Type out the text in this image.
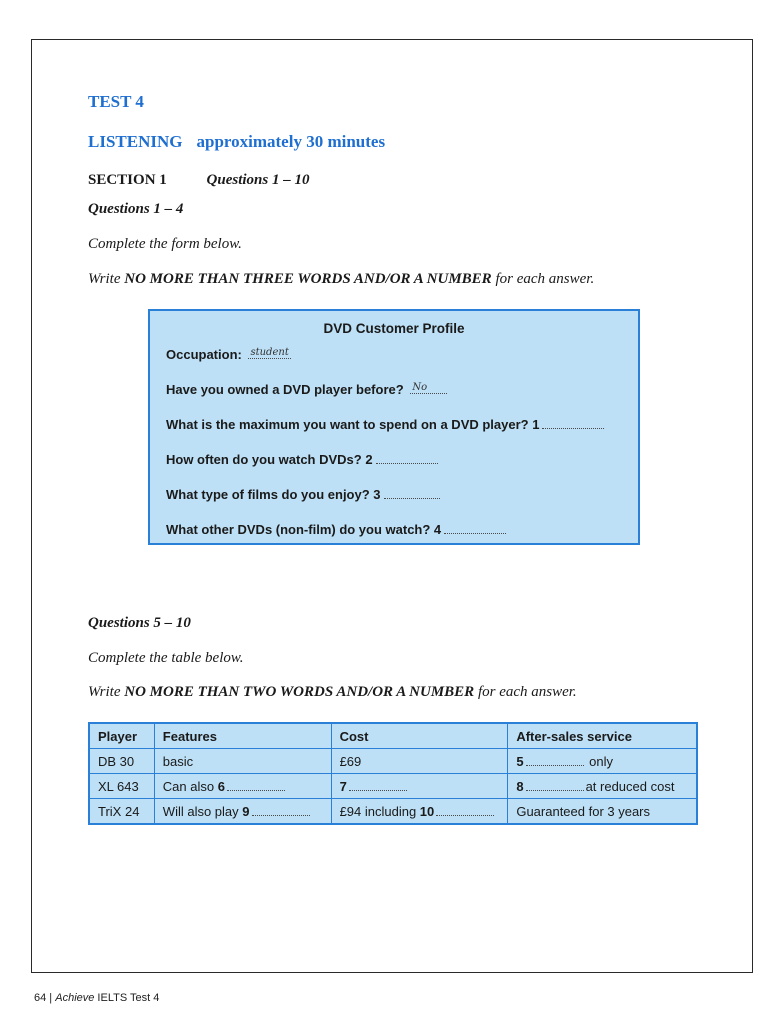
TEST 4
LISTENING approximately 30 minutes
SECTION 1	Questions 1 – 10
Questions 1 – 4
Complete the form below.
Write NO MORE THAN THREE WORDS AND/OR A NUMBER for each answer.
DVD Customer Profile
Occupation: student
Have you owned a DVD player before? No
What is the maximum you want to spend on a DVD player? 1
How often do you watch DVDs? 2
What type of films do you enjoy? 3
What other DVDs (non-film) do you watch? 4
Questions 5 – 10
Complete the table below.
Write NO MORE THAN TWO WORDS AND/OR A NUMBER for each answer.
Player	Features	Cost	After-sales service
DB 30	basic	£69	5 only
XL 643	Can also 6	7	8 at reduced cost
TriX 24	Will also play 9	£94 including 10	Guaranteed for 3 years
64 | Achieve IELTS Test 4
